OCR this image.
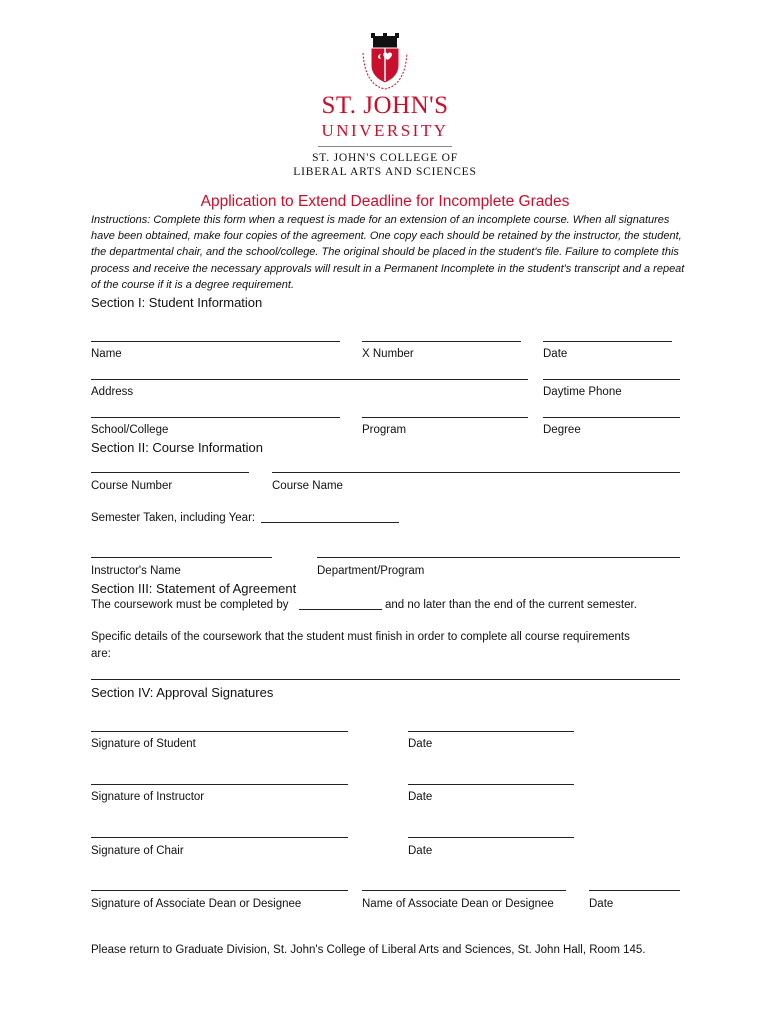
ST. JOHN'S
UNIVERSITY
ST. JOHN'S COLLEGE OF
LIBERAL ARTS AND SCIENCES
Application to Extend Deadline for Incomplete Grades
Instructions: Complete this form when a request is made for an extension of an incomplete course. When all signatures have been obtained, make four copies of the agreement. One copy each should be retained by the instructor, the student, the departmental chair, and the school/college. The original should be placed in the student's file. Failure to complete this process and receive the necessary approvals will result in a Permanent Incomplete in the student's transcript and a repeat of the course if it is a degree requirement.
Section I: Student Information
Name	X Number	Date
Address	Daytime Phone
School/College	Program	Degree
Section II: Course Information
Course Number	Course Name
Semester Taken, including Year:
Instructor's Name	Department/Program
Section III: Statement of Agreement
The coursework must be completed by	and no later than the end of the current semester.
Specific details of the coursework that the student must finish in order to complete all course requirements
are:
Section IV: Approval Signatures
Signature of Student	Date
Signature of Instructor	Date
Signature of Chair	Date
Signature of Associate Dean or Designee	Name of Associate Dean or Designee	Date
Please return to Graduate Division, St. John's College of Liberal Arts and Sciences, St. John Hall, Room 145.
